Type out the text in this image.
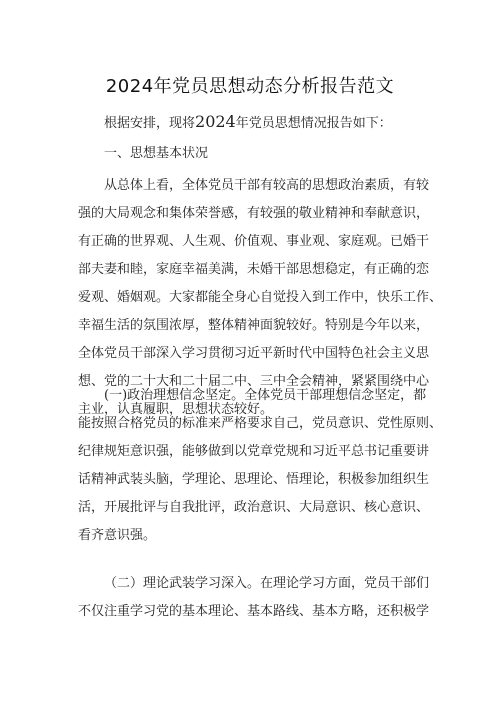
2024年党员思想动态分析报告范文
根据安排，现将2024年党员思想情况报告如下：
一、思想基本状况
从总体上看，全体党员干部有较高的思想政治素质，有较
强的大局观念和集体荣誉感，有较强的敬业精神和奉献意识，
有正确的世界观、人生观、价值观、事业观、家庭观。已婚干
部夫妻和睦，家庭幸福美满，未婚干部思想稳定，有正确的恋
爱观、婚姻观。大家都能全身心自觉投入到工作中，快乐工作、
幸福生活的氛围浓厚，整体精神面貌较好。特别是今年以来，
全体党员干部深入学习贯彻习近平新时代中国特色社会主义思
想、党的二十大和二十届二中、三中全会精神，紧紧围绕中心
主业，认真履职，思想状态较好。
(一)政治理想信念坚定。全体党员干部理想信念坚定，都
能按照合格党员的标准来严格要求自己，党员意识、党性原则、
纪律规矩意识强，能够做到以党章党规和习近平总书记重要讲
话精神武装头脑，学理论、思理论、悟理论，积极参加组织生
活，开展批评与自我批评，政治意识、大局意识、核心意识、
看齐意识强。
（二）理论武装学习深入。在理论学习方面，党员干部们
不仅注重学习党的基本理论、基本路线、基本方略，还积极学
